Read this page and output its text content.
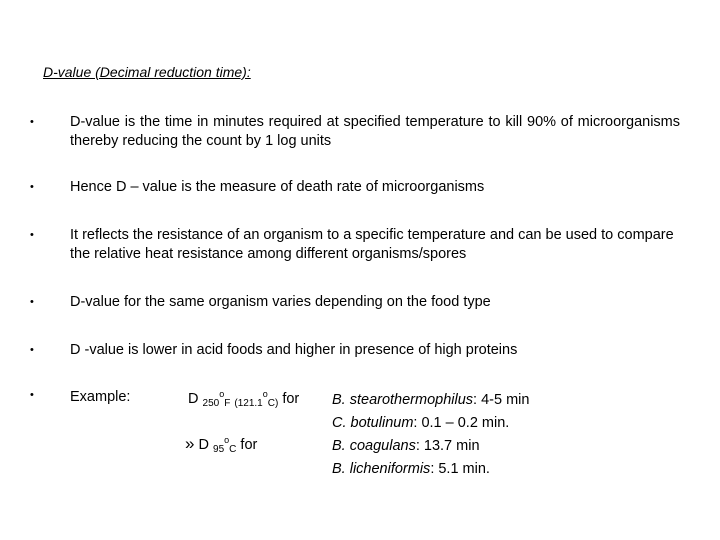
D-value (Decimal reduction time):
• D-value is the time in minutes required at specified temperature to kill 90% of microorganisms thereby reducing the count by 1 log units
• Hence D – value is the measure of death rate of microorganisms
• It reflects the resistance of an organism to a specific temperature and can be used to compare the relative heat resistance among different organisms/spores
• D-value for the same organism varies depending on the food type
• D -value is lower in acid foods and higher in presence of high proteins
• Example:	D $_{250}^o_F$ $_{(121.1}^o_{C)}$ for
» D $_{95}^o_C$ for
B. stearothermophilus: 4-5 min
C. botulinum: 0.1 – 0.2 min.
B. coagulans: 13.7 min
B. licheniformis: 5.1 min.
